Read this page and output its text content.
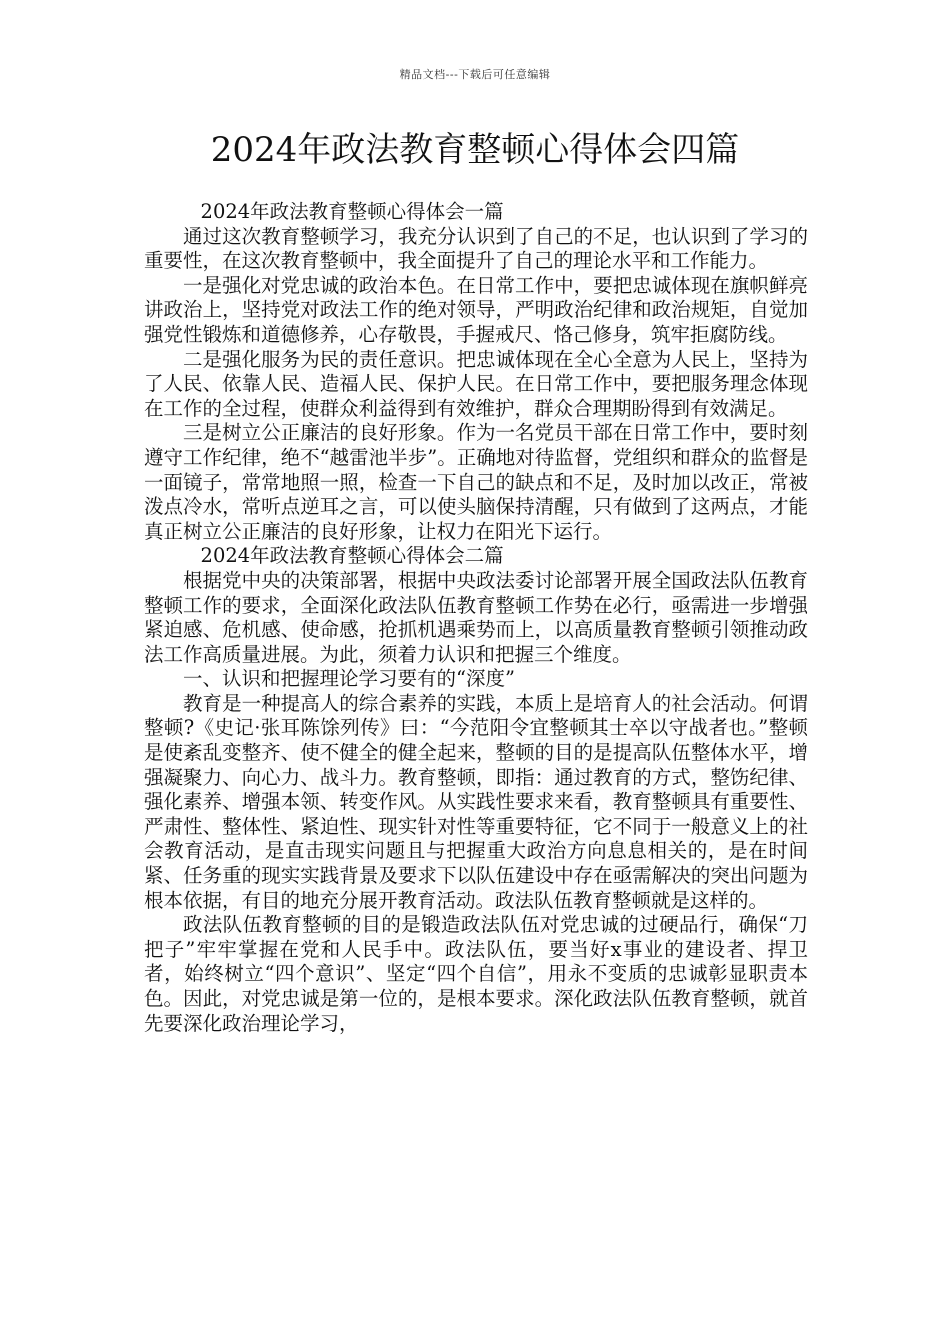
精品文档---下载后可任意编辑
2024年政法教育整顿心得体会四篇

2024年政法教育整顿心得体会一篇

通过这次教育整顿学习，我充分认识到了自己的不足，也认识到了学习的重要性，在这次教育整顿中，我全面提升了自己的理论水平和工作能力。

一是强化对党忠诚的政治本色。在日常工作中，要把忠诚体现在旗帜鲜亮讲政治上，坚持党对政法工作的绝对领导，严明政治纪律和政治规矩，自觉加强党性锻炼和道德修养，心存敬畏，手握戒尺、恪己修身，筑牢拒腐防线。

二是强化服务为民的责任意识。把忠诚体现在全心全意为人民上，坚持为了人民、依靠人民、造福人民、保护人民。在日常工作中，要把服务理念体现在工作的全过程，使群众利益得到有效维护，群众合理期盼得到有效满足。

三是树立公正廉洁的良好形象。作为一名党员干部在日常工作中，要时刻遵守工作纪律，绝不“越雷池半步”。正确地对待监督，党组织和群众的监督是一面镜子，常常地照一照，检查一下自己的缺点和不足，及时加以改正，常被泼点冷水，常听点逆耳之言，可以使头脑保持清醒，只有做到了这两点，才能真正树立公正廉洁的良好形象，让权力在阳光下运行。

2024年政法教育整顿心得体会二篇

根据党中央的决策部署，根据中央政法委讨论部署开展全国政法队伍教育整顿工作的要求，全面深化政法队伍教育整顿工作势在必行，亟需进一步增强紧迫感、危机感、使命感，抢抓机遇乘势而上，以高质量教育整顿引领推动政法工作高质量进展。为此，须着力认识和把握三个维度。

一、认识和把握理论学习要有的“深度”

教育是一种提高人的综合素养的实践，本质上是培育人的社会活动。何谓整顿?《史记·张耳陈馀列传》曰：“今范阳令宜整顿其士卒以守战者也。”整顿是使紊乱变整齐、使不健全的健全起来，整顿的目的是提高队伍整体水平，增强凝聚力、向心力、战斗力。教育整顿，即指：通过教育的方式，整饬纪律、强化素养、增强本领、转变作风。从实践性要求来看，教育整顿具有重要性、严肃性、整体性、紧迫性、现实针对性等重要特征，它不同于一般意义上的社会教育活动，是直击现实问题且与把握重大政治方向息息相关的，是在时间紧、任务重的现实实践背景及要求下以队伍建设中存在亟需解决的突出问题为根本依据，有目的地充分展开教育活动。政法队伍教育整顿就是这样的。

政法队伍教育整顿的目的是锻造政法队伍对党忠诚的过硬品行，确保“刀把子”牢牢掌握在党和人民手中。政法队伍，要当好x事业的建设者、捍卫者，始终树立“四个意识”、坚定“四个自信”，用永不变质的忠诚彰显职责本色。因此，对党忠诚是第一位的，是根本要求。深化政法队伍教育整顿，就首先要深化政治理论学习，
